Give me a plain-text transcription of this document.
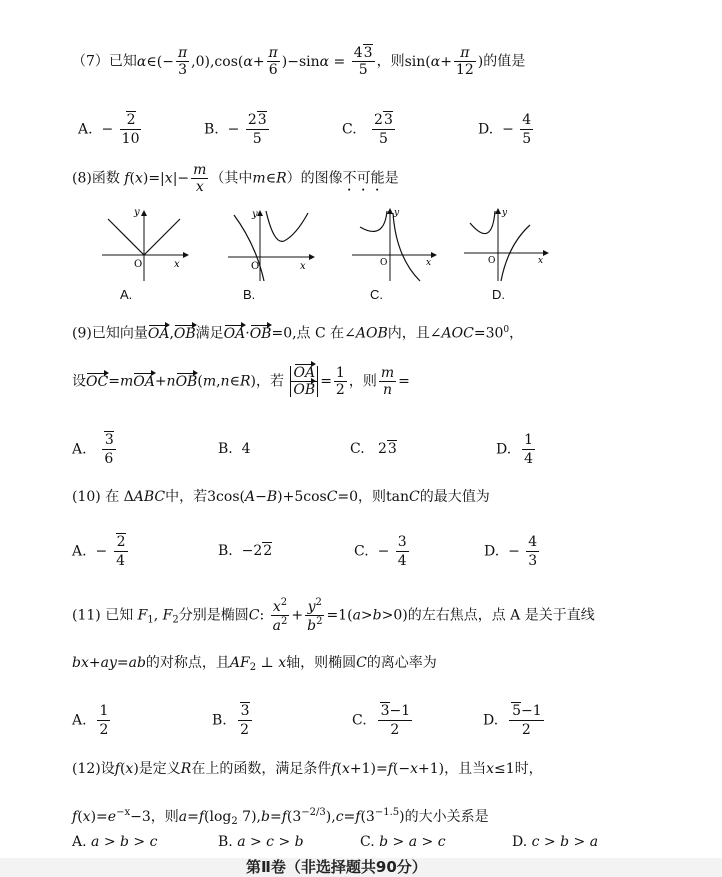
（7）已知α∈(− $\frac{\pi}{3} ,0),\cos(\alpha+ \frac{\pi}{6} )-\sin\alpha = \frac{43}{5}$ ，则$\sin(\alpha+ \frac{\pi}{12}$ )的值是
A.  − $\frac{2}{10}$	B.  − $\frac{23}{5}$	C. $\frac{23}{5}$	D.  − $\frac{4}{5}$
(8)函数 $f(x)=|x|- \frac{m}{x}$ （其中m∈R）的图像不可能是
y
x
O
y
x
O
y
x
O
y
x
O
A.	B.	C.	D.
(9)已知向量OA,OB满足OA·OB=0,点 C 在∠AOB内，且$\angle AOC=30^0$，
设OC=mOA+nOB(m,n∈R)，若 $\frac{OA}{OB} = \frac{1}{2}$ ，则 $\frac{m}{n}$ =
A. $\frac{3}{6}$	B.  4	C.   23	D. $\frac{1}{4}$
(10) 在 ΔABC中，若3cos(A−B)+5cosC=0，则tanC的最大值为
A.  − $\frac{2}{4}$	B.  −22	C.  − $\frac{3}{4}$	D.  − $\frac{4}{3}$
(11) 已知 $F_1$, $F_2$分别是椭圆C: $\frac{x^2}{a^2} + \frac{y^2}{b^2} =1(a>b>0)$的左右焦点，点 A 是关于直线
bx+ay=ab的对称点，且$AF_2$ ⊥ x轴，则椭圆C的离心率为
A. $\frac{1}{2}$	B. $\frac{3}{2}$	C. $\frac{3-1}{2}$	D. $\frac{5-1}{2}$
(12)设f(x)是定义R在上的函数，满足条件f(x+1)=f(−x+1)，且当x≤1时，
$f(x)=e^{-x}-3$，则$a=f(\log_2$ $7),b=f(3^{-2/3}),c=f(3^{-1.5})$的大小关系是
A. a > b > c	B. a > c > b	C. b > a > c	D. c > b > a
第Ⅱ卷（非选择题共90分）
